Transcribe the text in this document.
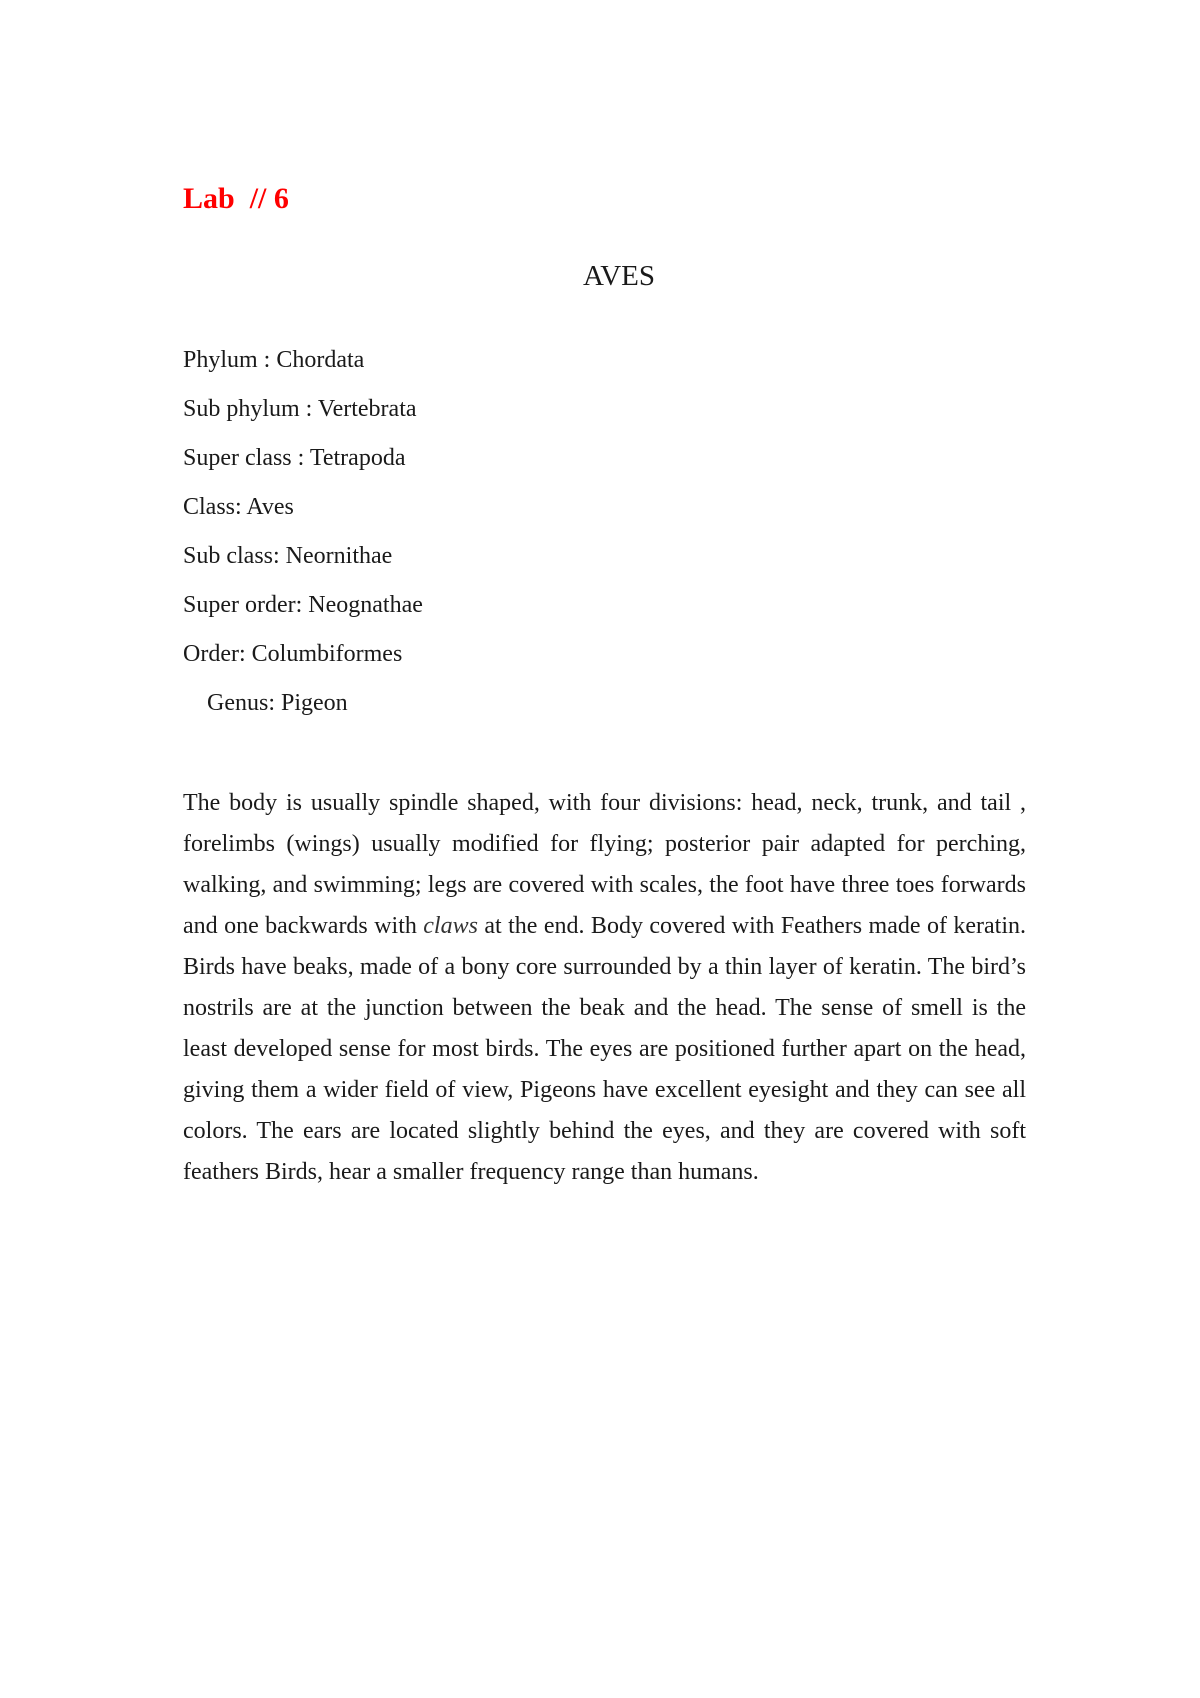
Lab  // 6
AVES
Phylum : Chordata
Sub phylum : Vertebrata
Super class : Tetrapoda
Class: Aves
Sub class: Neornithae
Super order: Neognathae
Order: Columbiformes
Genus: Pigeon

The body is usually spindle shaped, with four divisions: head, neck, trunk, and tail , forelimbs (wings) usually modified for flying; posterior pair adapted for perching, walking, and swimming; legs are covered with scales, the foot have three toes forwards and one backwards with claws at the end. Body covered with Feathers made of keratin. Birds have beaks, made of a bony core surrounded by a thin layer of keratin. The bird’s nostrils are at the junction between the beak and the head. The sense of smell is the least developed sense for most birds. The eyes are positioned further apart on the head, giving them a wider field of view, Pigeons have excellent eyesight and they can see all colors. The ears are located slightly behind the eyes, and they are covered with soft feathers Birds, hear a smaller frequency range than humans.
